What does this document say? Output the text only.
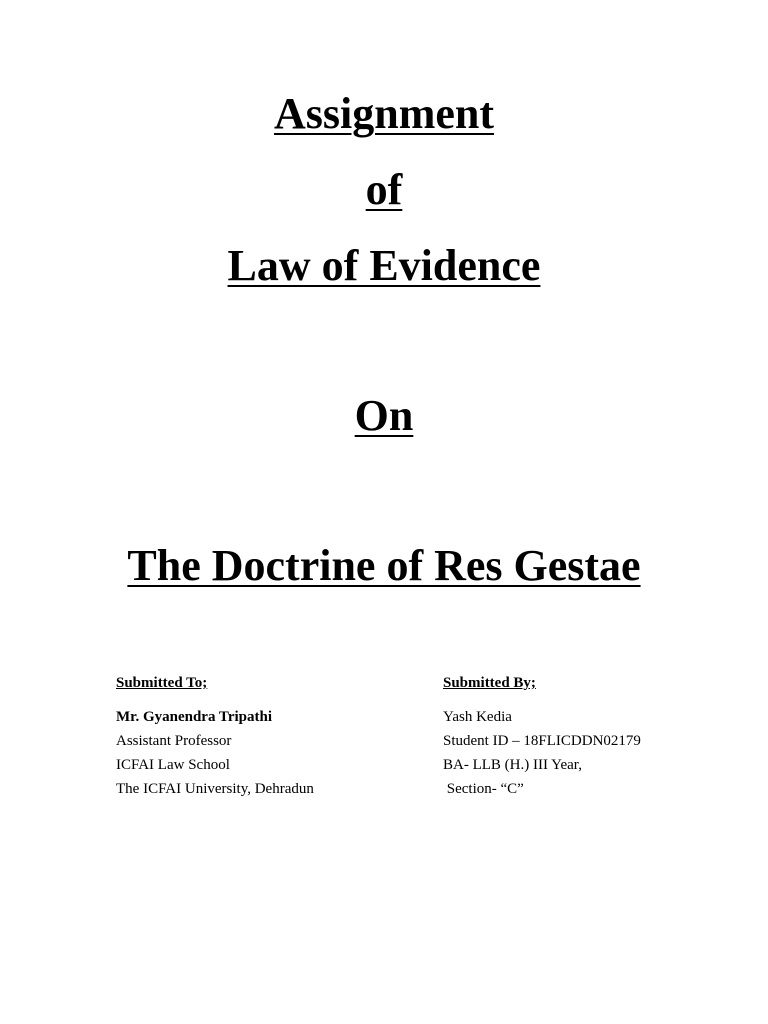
Assignment
of
Law of Evidence
On
The Doctrine of Res Gestae
Submitted To;
Mr. Gyanendra Tripathi
Assistant Professor
ICFAI Law School
The ICFAI University, Dehradun
Submitted By;
Yash Kedia
Student ID – 18FLICDDN02179
BA- LLB (H.) III Year,
Section- “C”
